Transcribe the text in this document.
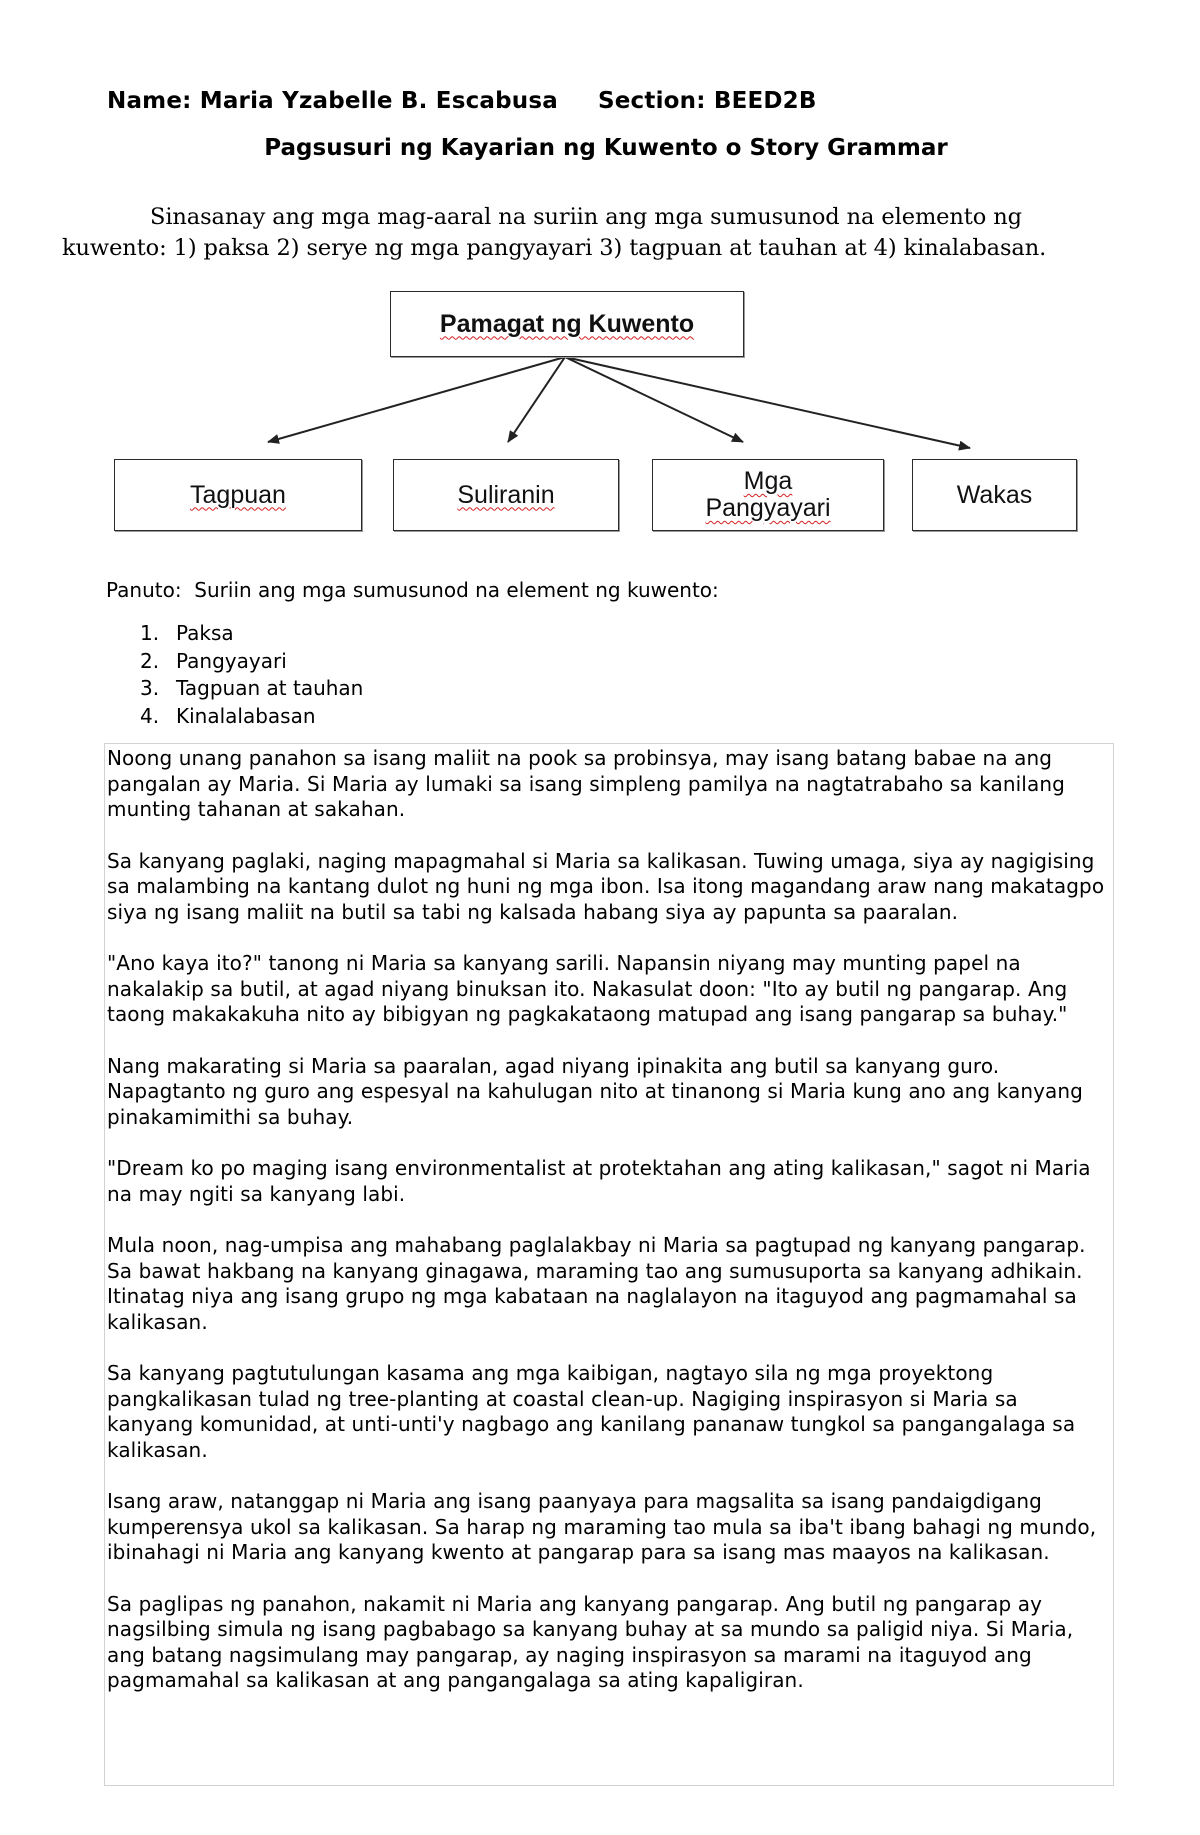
Name: Maria Yzabelle B. Escabusa Section: BEED2B
Pagsusuri ng Kayarian ng Kuwento o Story Grammar
Sinasanay ang mga mag-aaral na suriin ang mga sumusunod na elemento ng kuwento: 1) paksa 2) serye ng mga pangyayari 3) tagpuan at tauhan at 4) kinalabasan.
Pamagat ng Kuwento
Tagpuan	Suliranin	Mga Pangyayari	Wakas
Panuto:  Suriin ang mga sumusunod na element ng kuwento:
1. Paksa
2. Pangyayari
3. Tagpuan at tauhan
4. Kinalalabasan

Noong unang panahon sa isang maliit na pook sa probinsya, may isang batang babae na ang pangalan ay Maria. Si Maria ay lumaki sa isang simpleng pamilya na nagtatrabaho sa kanilang munting tahanan at sakahan.

Sa kanyang paglaki, naging mapagmahal si Maria sa kalikasan. Tuwing umaga, siya ay nagigising sa malambing na kantang dulot ng huni ng mga ibon. Isa itong magandang araw nang makatagpo siya ng isang maliit na butil sa tabi ng kalsada habang siya ay papunta sa paaralan.

"Ano kaya ito?" tanong ni Maria sa kanyang sarili. Napansin niyang may munting papel na nakalakip sa butil, at agad niyang binuksan ito. Nakasulat doon: "Ito ay butil ng pangarap. Ang taong makakakuha nito ay bibigyan ng pagkakataong matupad ang isang pangarap sa buhay."

Nang makarating si Maria sa paaralan, agad niyang ipinakita ang butil sa kanyang guro. Napagtanto ng guro ang espesyal na kahulugan nito at tinanong si Maria kung ano ang kanyang pinakamimithi sa buhay.

"Dream ko po maging isang environmentalist at protektahan ang ating kalikasan," sagot ni Maria na may ngiti sa kanyang labi.

Mula noon, nag-umpisa ang mahabang paglalakbay ni Maria sa pagtupad ng kanyang pangarap. Sa bawat hakbang na kanyang ginagawa, maraming tao ang sumusuporta sa kanyang adhikain. Itinatag niya ang isang grupo ng mga kabataan na naglalayon na itaguyod ang pagmamahal sa kalikasan.

Sa kanyang pagtutulungan kasama ang mga kaibigan, nagtayo sila ng mga proyektong pangkalikasan tulad ng tree-planting at coastal clean-up. Nagiging inspirasyon si Maria sa kanyang komunidad, at unti-unti'y nagbago ang kanilang pananaw tungkol sa pangangalaga sa kalikasan.

Isang araw, natanggap ni Maria ang isang paanyaya para magsalita sa isang pandaigdigang kumperensya ukol sa kalikasan. Sa harap ng maraming tao mula sa iba't ibang bahagi ng mundo, ibinahagi ni Maria ang kanyang kwento at pangarap para sa isang mas maayos na kalikasan.

Sa paglipas ng panahon, nakamit ni Maria ang kanyang pangarap. Ang butil ng pangarap ay nagsilbing simula ng isang pagbabago sa kanyang buhay at sa mundo sa paligid niya. Si Maria, ang batang nagsimulang may pangarap, ay naging inspirasyon sa marami na itaguyod ang pagmamahal sa kalikasan at ang pangangalaga sa ating kapaligiran.
